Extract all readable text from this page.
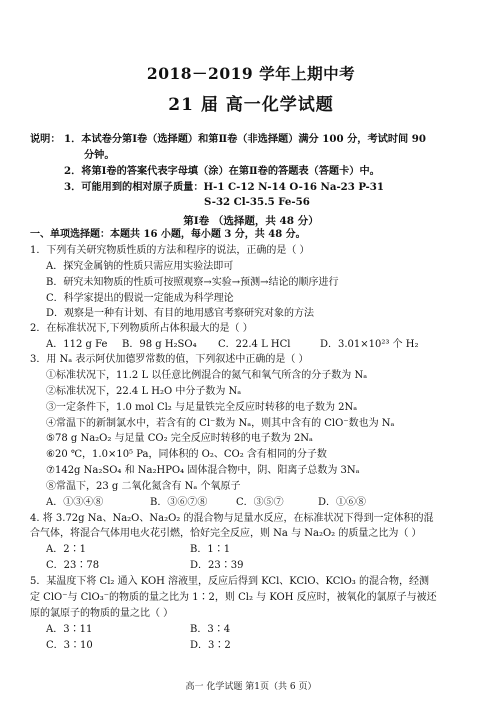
2018－2019 学年上期中考
21 届 高一化学试题
说明： 1．本试卷分第Ⅰ卷（选择题）和第Ⅱ卷（非选择题）满分 100 分，考试时间 90
分钟。
2．将第Ⅰ卷的答案代表字母填（涂）在第Ⅱ卷的答题表（答题卡）中。
3．可能用到的相对原子质量：H-1 C-12 N-14 O-16 Na-23 P-31
S-32 Cl-35.5 Fe-56
第Ⅰ卷 （选择题，共 48 分）
一、单项选择题：本题共 16 小题，每小题 3 分，共 48 分。
1．下列有关研究物质性质的方法和程序的说法，正确的是（ ）
A．探究金属钠的性质只需应用实验法即可
B．研究未知物质的性质可按照观察→实验→预测→结论的顺序进行
C．科学家提出的假说一定能成为科学理论
D．观察是一种有计划、有目的地用感官考察研究对象的方法
2．在标准状况下,下列物质所占体积最大的是（ ）
A．112 g Fe B．98 g H₂SO₄ C．22.4 L HCl	D．3.01×10²³ 个 H₂
3．用 Nₐ 表示阿伏加德罗常数的值，下列叙述中正确的是（ ）
①标准状况下，11.2 L 以任意比例混合的氮气和氧气所含的分子数为 Nₐ
②标准状况下，22.4 L H₂O 中分子数为 Nₐ
③一定条件下，1.0 mol Cl₂ 与足量铁完全反应时转移的电子数为 2Nₐ
④常温下的新制氯水中，若含有的 Cl⁻数为 Nₐ，则其中含有的 ClO⁻数也为 Nₐ
⑤78 g Na₂O₂ 与足量 CO₂ 完全反应时转移的电子数为 2Nₐ
⑥20 ℃，1.0×10⁵ Pa，同体积的 O₂、CO₂ 含有相同的分子数
⑦142g Na₂SO₄ 和 Na₂HPO₄ 固体混合物中，阴、阳离子总数为 3Nₐ
⑧常温下，23 g 二氧化氮含有 Nₐ 个氧原子
A．①③④⑧	B．③⑥⑦⑧	C．③⑤⑦	D．①⑥⑧
4. 将 3.72g Na、Na₂O、Na₂O₂ 的混合物与足量水反应，在标准状况下得到一定体积的混
合气体，将混合气体用电火花引燃，恰好完全反应，则 Na 与 Na₂O₂ 的质量之比为（ ）
A．2∶1	B．1∶1
C．23∶78	D．23∶39
5．某温度下将 Cl₂ 通入 KOH 溶液里，反应后得到 KCl、KClO、KClO₃ 的混合物，经测
定 ClO⁻与 ClO₃⁻的物质的量之比为 1∶2，则 Cl₂ 与 KOH 反应时，被氧化的氯原子与被还
原的氯原子的物质的量之比（ ）
A．3∶11	B．3∶4
C．3∶10	D．3∶2
高一 化学试题 第1页（共 6 页）
